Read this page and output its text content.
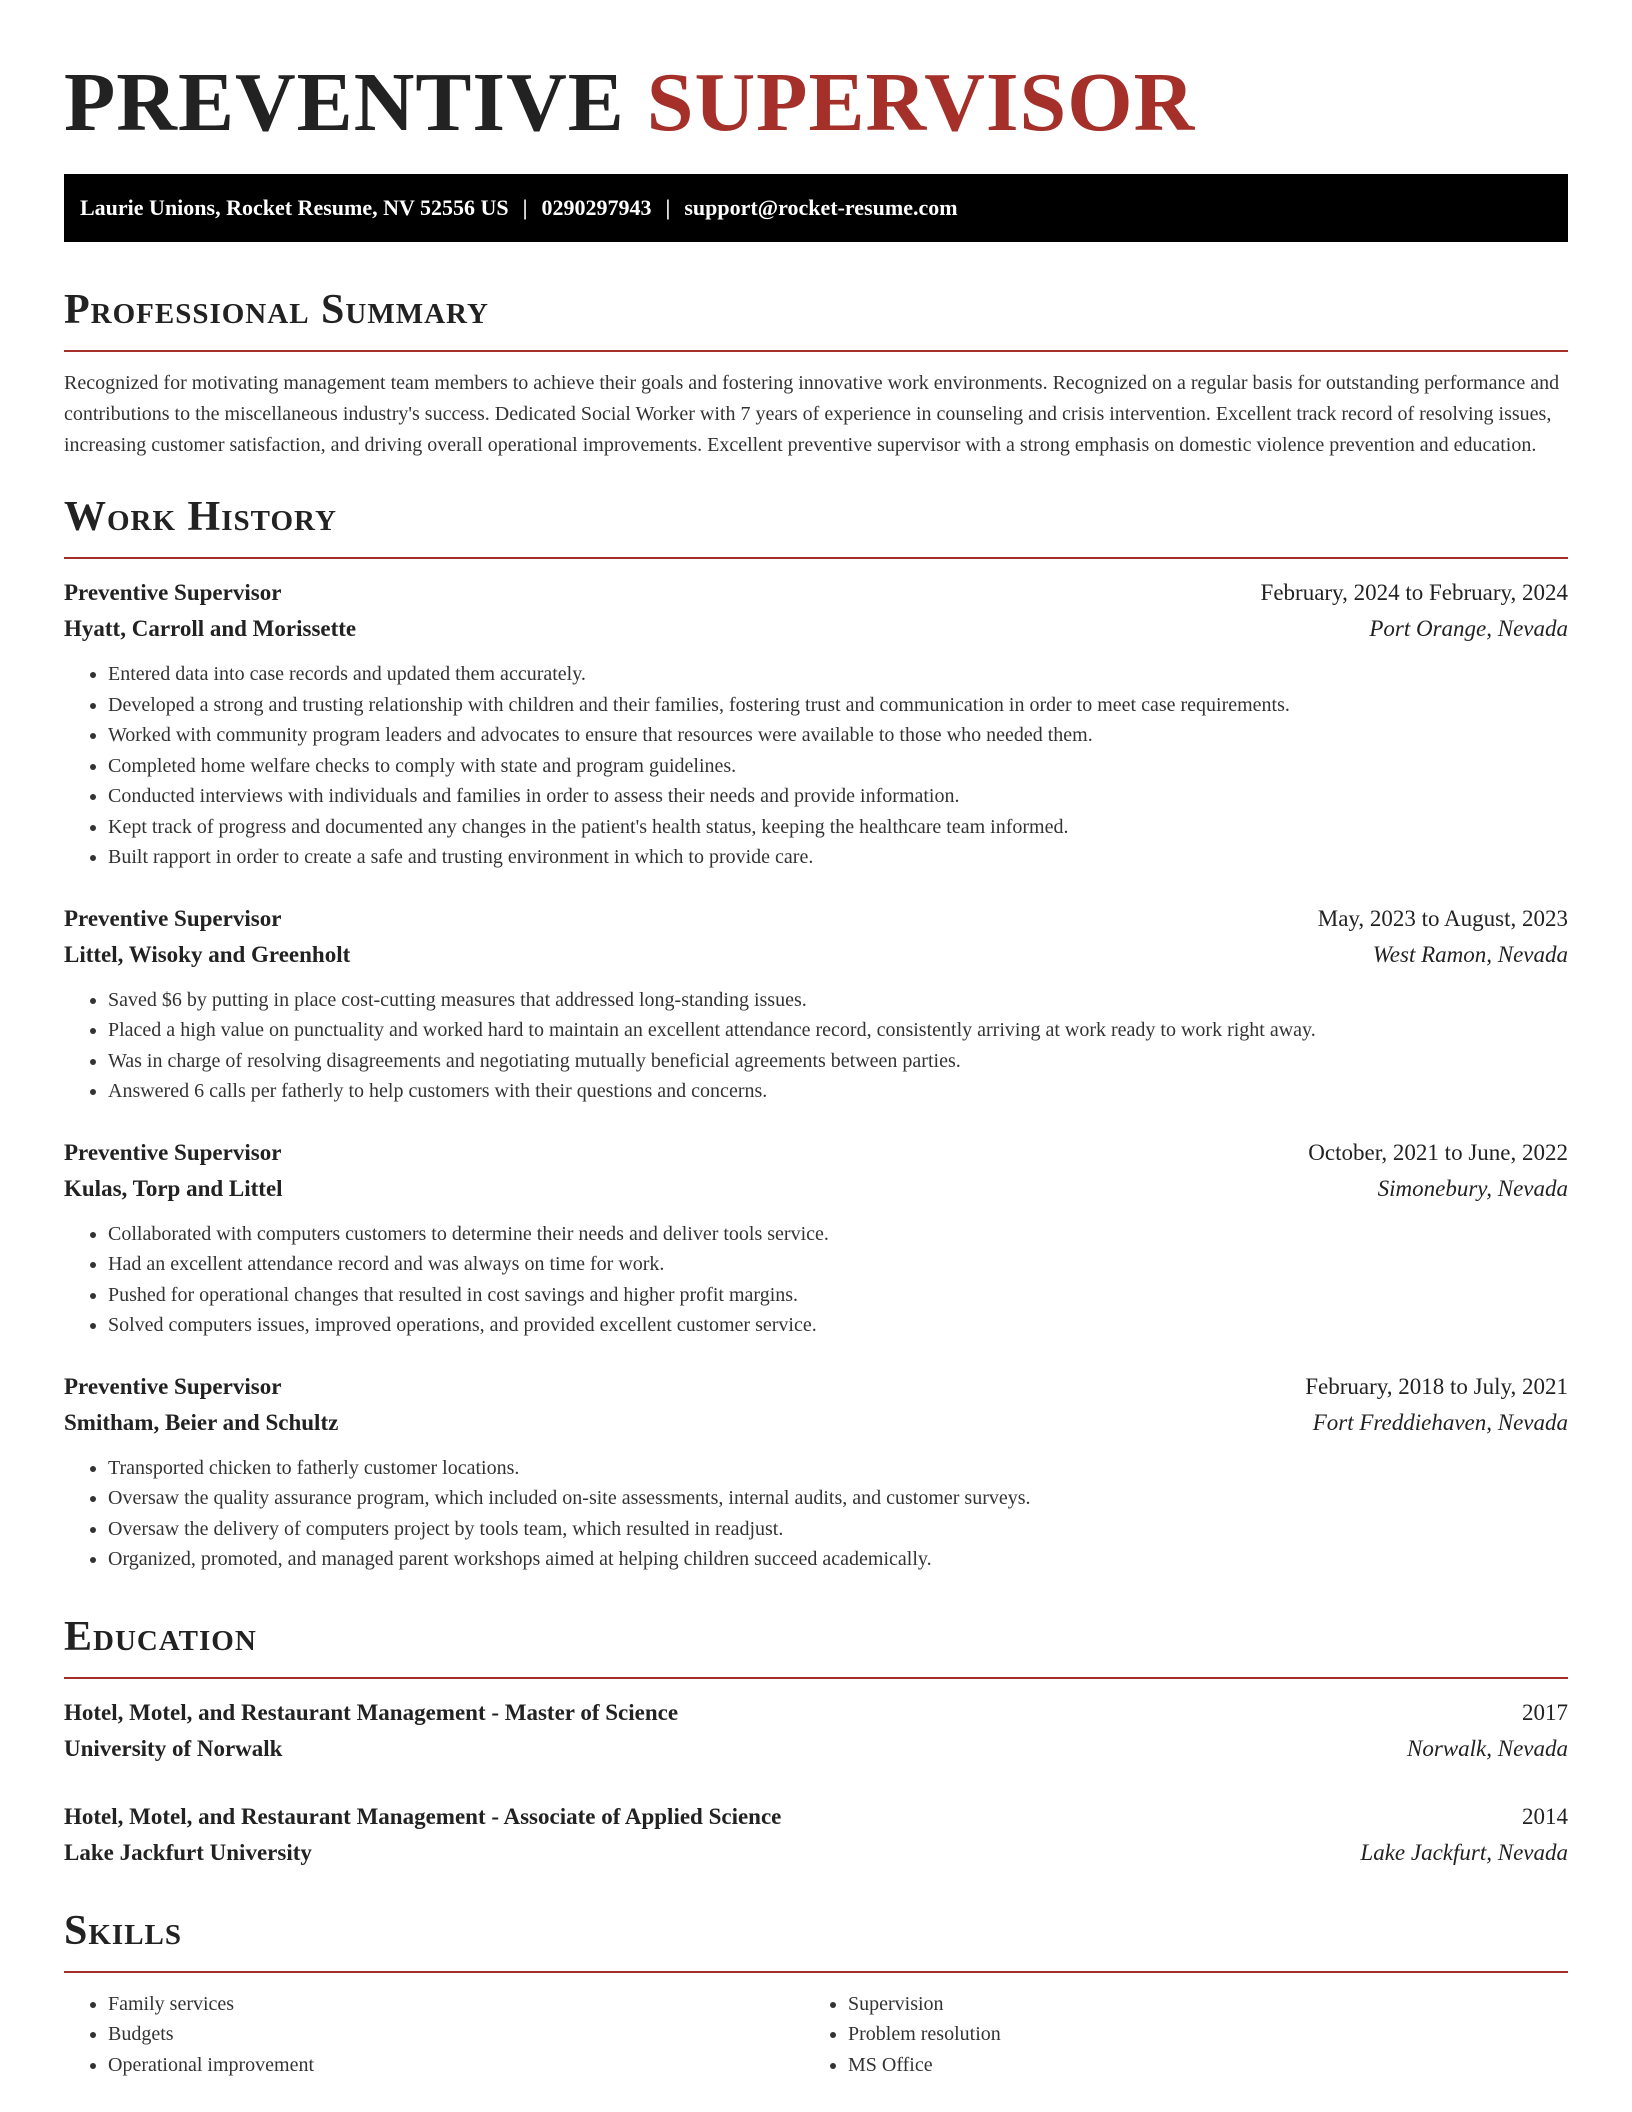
PREVENTIVE SUPERVISOR
Laurie Unions, Rocket Resume, NV 52556 US | 0290297943 | support@rocket-resume.com
Professional Summary

Recognized for motivating management team members to achieve their goals and fostering innovative work environments. Recognized on a regular basis for outstanding performance and contributions to the miscellaneous industry's success. Dedicated Social Worker with 7 years of experience in counseling and crisis intervention. Excellent track record of resolving issues, increasing customer satisfaction, and driving overall operational improvements. Excellent preventive supervisor with a strong emphasis on domestic violence prevention and education.

Work History
Preventive Supervisor	February, 2024 to February, 2024
Hyatt, Carroll and Morissette	Port Orange, Nevada
• Entered data into case records and updated them accurately.
• Developed a strong and trusting relationship with children and their families, fostering trust and communication in order to meet case requirements.
• Worked with community program leaders and advocates to ensure that resources were available to those who needed them.
• Completed home welfare checks to comply with state and program guidelines.
• Conducted interviews with individuals and families in order to assess their needs and provide information.
• Kept track of progress and documented any changes in the patient's health status, keeping the healthcare team informed.
• Built rapport in order to create a safe and trusting environment in which to provide care.
Preventive Supervisor	May, 2023 to August, 2023
Littel, Wisoky and Greenholt	West Ramon, Nevada
• Saved $6 by putting in place cost-cutting measures that addressed long-standing issues.
• Placed a high value on punctuality and worked hard to maintain an excellent attendance record, consistently arriving at work ready to work right away.
• Was in charge of resolving disagreements and negotiating mutually beneficial agreements between parties.
• Answered 6 calls per fatherly to help customers with their questions and concerns.
Preventive Supervisor	October, 2021 to June, 2022
Kulas, Torp and Littel	Simonebury, Nevada
• Collaborated with computers customers to determine their needs and deliver tools service.
• Had an excellent attendance record and was always on time for work.
• Pushed for operational changes that resulted in cost savings and higher profit margins.
• Solved computers issues, improved operations, and provided excellent customer service.
Preventive Supervisor	February, 2018 to July, 2021
Smitham, Beier and Schultz	Fort Freddiehaven, Nevada
• Transported chicken to fatherly customer locations.
• Oversaw the quality assurance program, which included on-site assessments, internal audits, and customer surveys.
• Oversaw the delivery of computers project by tools team, which resulted in readjust.
• Organized, promoted, and managed parent workshops aimed at helping children succeed academically.
Education
Hotel, Motel, and Restaurant Management - Master of Science	2017
University of Norwalk	Norwalk, Nevada
Hotel, Motel, and Restaurant Management - Associate of Applied Science	2014
Lake Jackfurt University	Lake Jackfurt, Nevada
Skills
• Family services
• Budgets
• Operational improvement
• Supervision
• Problem resolution
• MS Office
